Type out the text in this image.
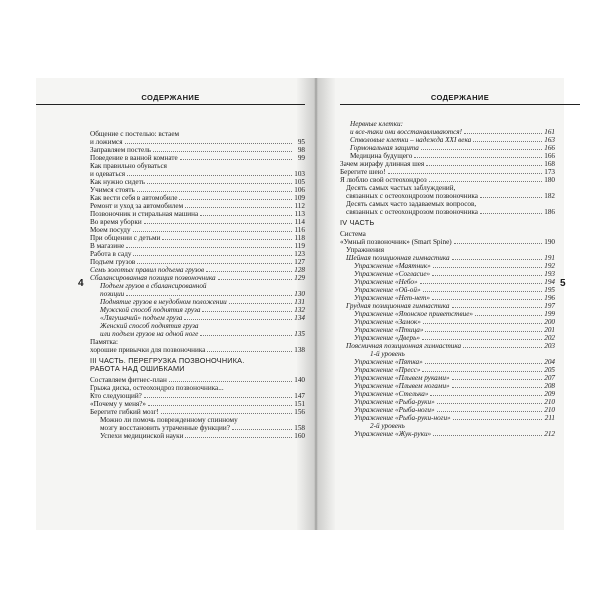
СОДЕРЖАНИЕ
Общение с постелью: встаем
и ложимся	95
Заправляем постель	98
Поведение в ванной комнате	99
Как правильно обуваться
и одеваться	103
Как нужно сидеть	105
Учимся стоять	106
Как вести себя в автомобиле	109
Ремонт и уход за автомобилем	112
Позвоночник и стиральная машина	113
Во время уборки	114
Моем посуду	116
При общении с детьми	118
В магазине	119
Работа в саду	123
Подъем грузов	127
Семь золотых правил подъема грузов	128
Сбалансированная позиция позвоночника	129
Подъем грузов в сбалансированной
позиции	130
Поднятие грузов в неудобном положении	131
Мужской способ поднятия груза	132
«Лягушачий» подъем груза	134
Женский способ поднятия груза
или подъем грузов на одной ноге	135
Памятка:
хорошие привычки для позвоночника	138
III ЧАСТЬ. ПЕРЕГРУЗКА ПОЗВОНОЧНИКА.
РАБОТА НАД ОШИБКАМИ
Составляем фитнес-план	140
Грыжа диска, остеохондроз позвоночника...
Кто следующий?	147
«Почему у меня?»	151
Берегите гибкий мозг!	156
Можно ли помочь поврежденному спинному
мозгу восстановить утраченные функции?	158
Успехи медицинской науки	160
СОДЕРЖАНИЕ
Нервные клетки:
и все-таки они восстанавливаются!	161
Стволовые клетки – надежда XXI века	163
Гормональная защита	166
Медицина будущего	166
Зачем жирафу длинная шея	168
Берегите шею!	173
Я люблю свой остеохондроз	180
Десять самых частых заблуждений,
связанных с остеохондрозом позвоночника	182
Десять самых часто задаваемых вопросов,
связанных с остеохондрозом позвоночника	186
IV ЧАСТЬ
Система
«Умный позвоночник» (Smart Spine)	190
Упражнения
Шейная позиционная гимнастика	191
Упражнение «Маятник»	192
Упражнение «Согласие»	193
Упражнение «Небо»	194
Упражнение «Ой-ой»	195
Упражнение «Нет-нет»	196
Грудная позиционная гимнастика	197
Упражнение «Японское приветствие»	199
Упражнение «Замок»	200
Упражнение «Птица»	201
Упражнение «Дверь»	202
Поясничная позиционная гимнастика	203
1-й уровень
Упражнение «Пятка»	204
Упражнение «Пресс»	205
Упражнение «Плывем руками»	207
Упражнение «Плывем ногами»	208
Упражнение «Стелька»	209
Упражнение «Рыба-руки»	210
Упражнение «Рыба-ноги»	210
Упражнение «Рыба-руки-ноги»	211
2-й уровень
Упражнение «Жук-руки»	212
4	5
